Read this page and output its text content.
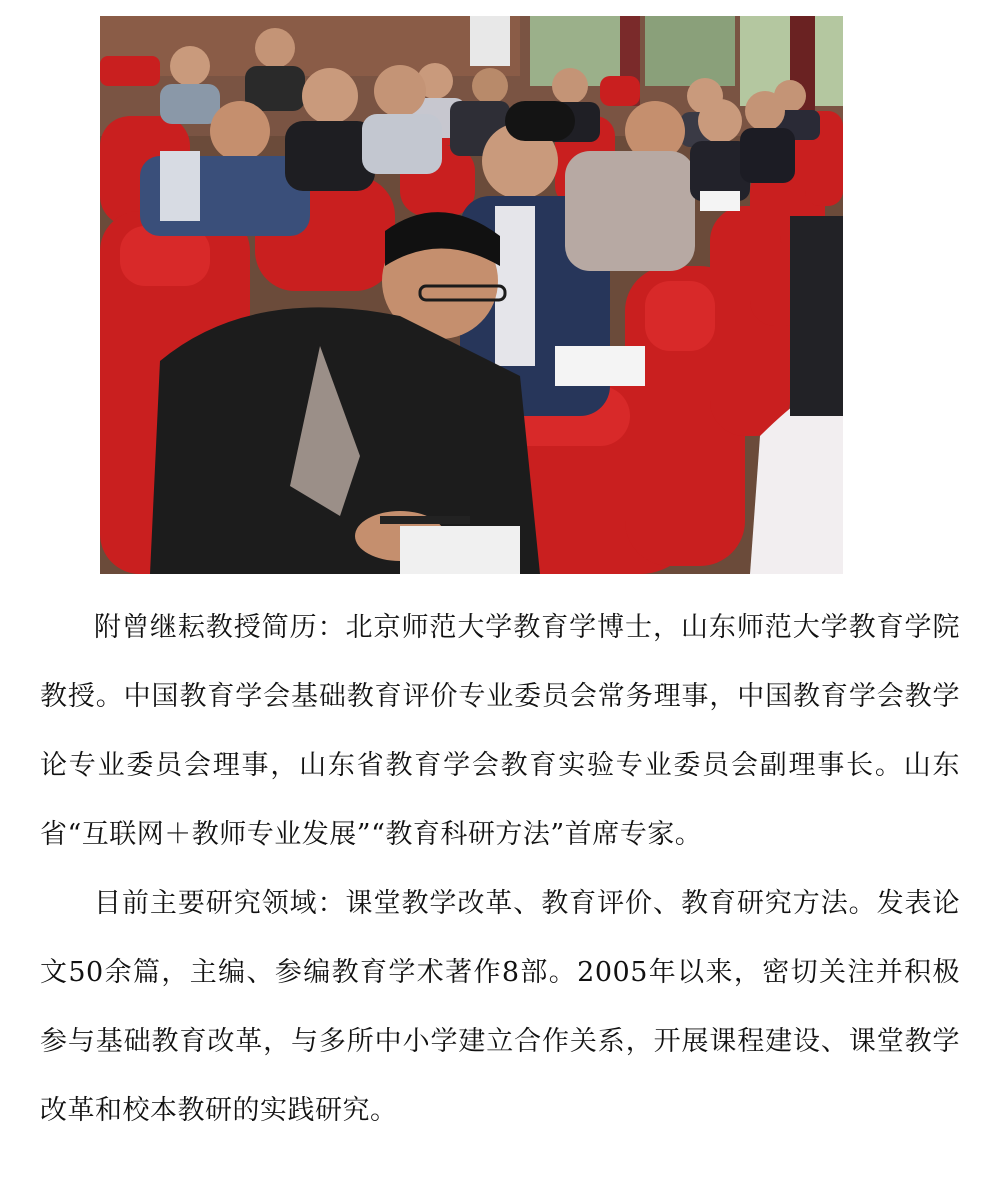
附曾继耘教授简历：北京师范大学教育学博士，山东师范大学教育学院教授。中国教育学会基础教育评价专业委员会常务理事，中国教育学会教学论专业委员会理事，山东省教育学会教育实验专业委员会副理事长。山东省“互联网＋教师专业发展”“教育科研方法”首席专家。

目前主要研究领域：课堂教学改革、教育评价、教育研究方法。发表论文50余篇，主编、参编教育学术著作8部。2005年以来，密切关注并积极参与基础教育改革，与多所中小学建立合作关系，开展课程建设、课堂教学改革和校本教研的实践研究。
